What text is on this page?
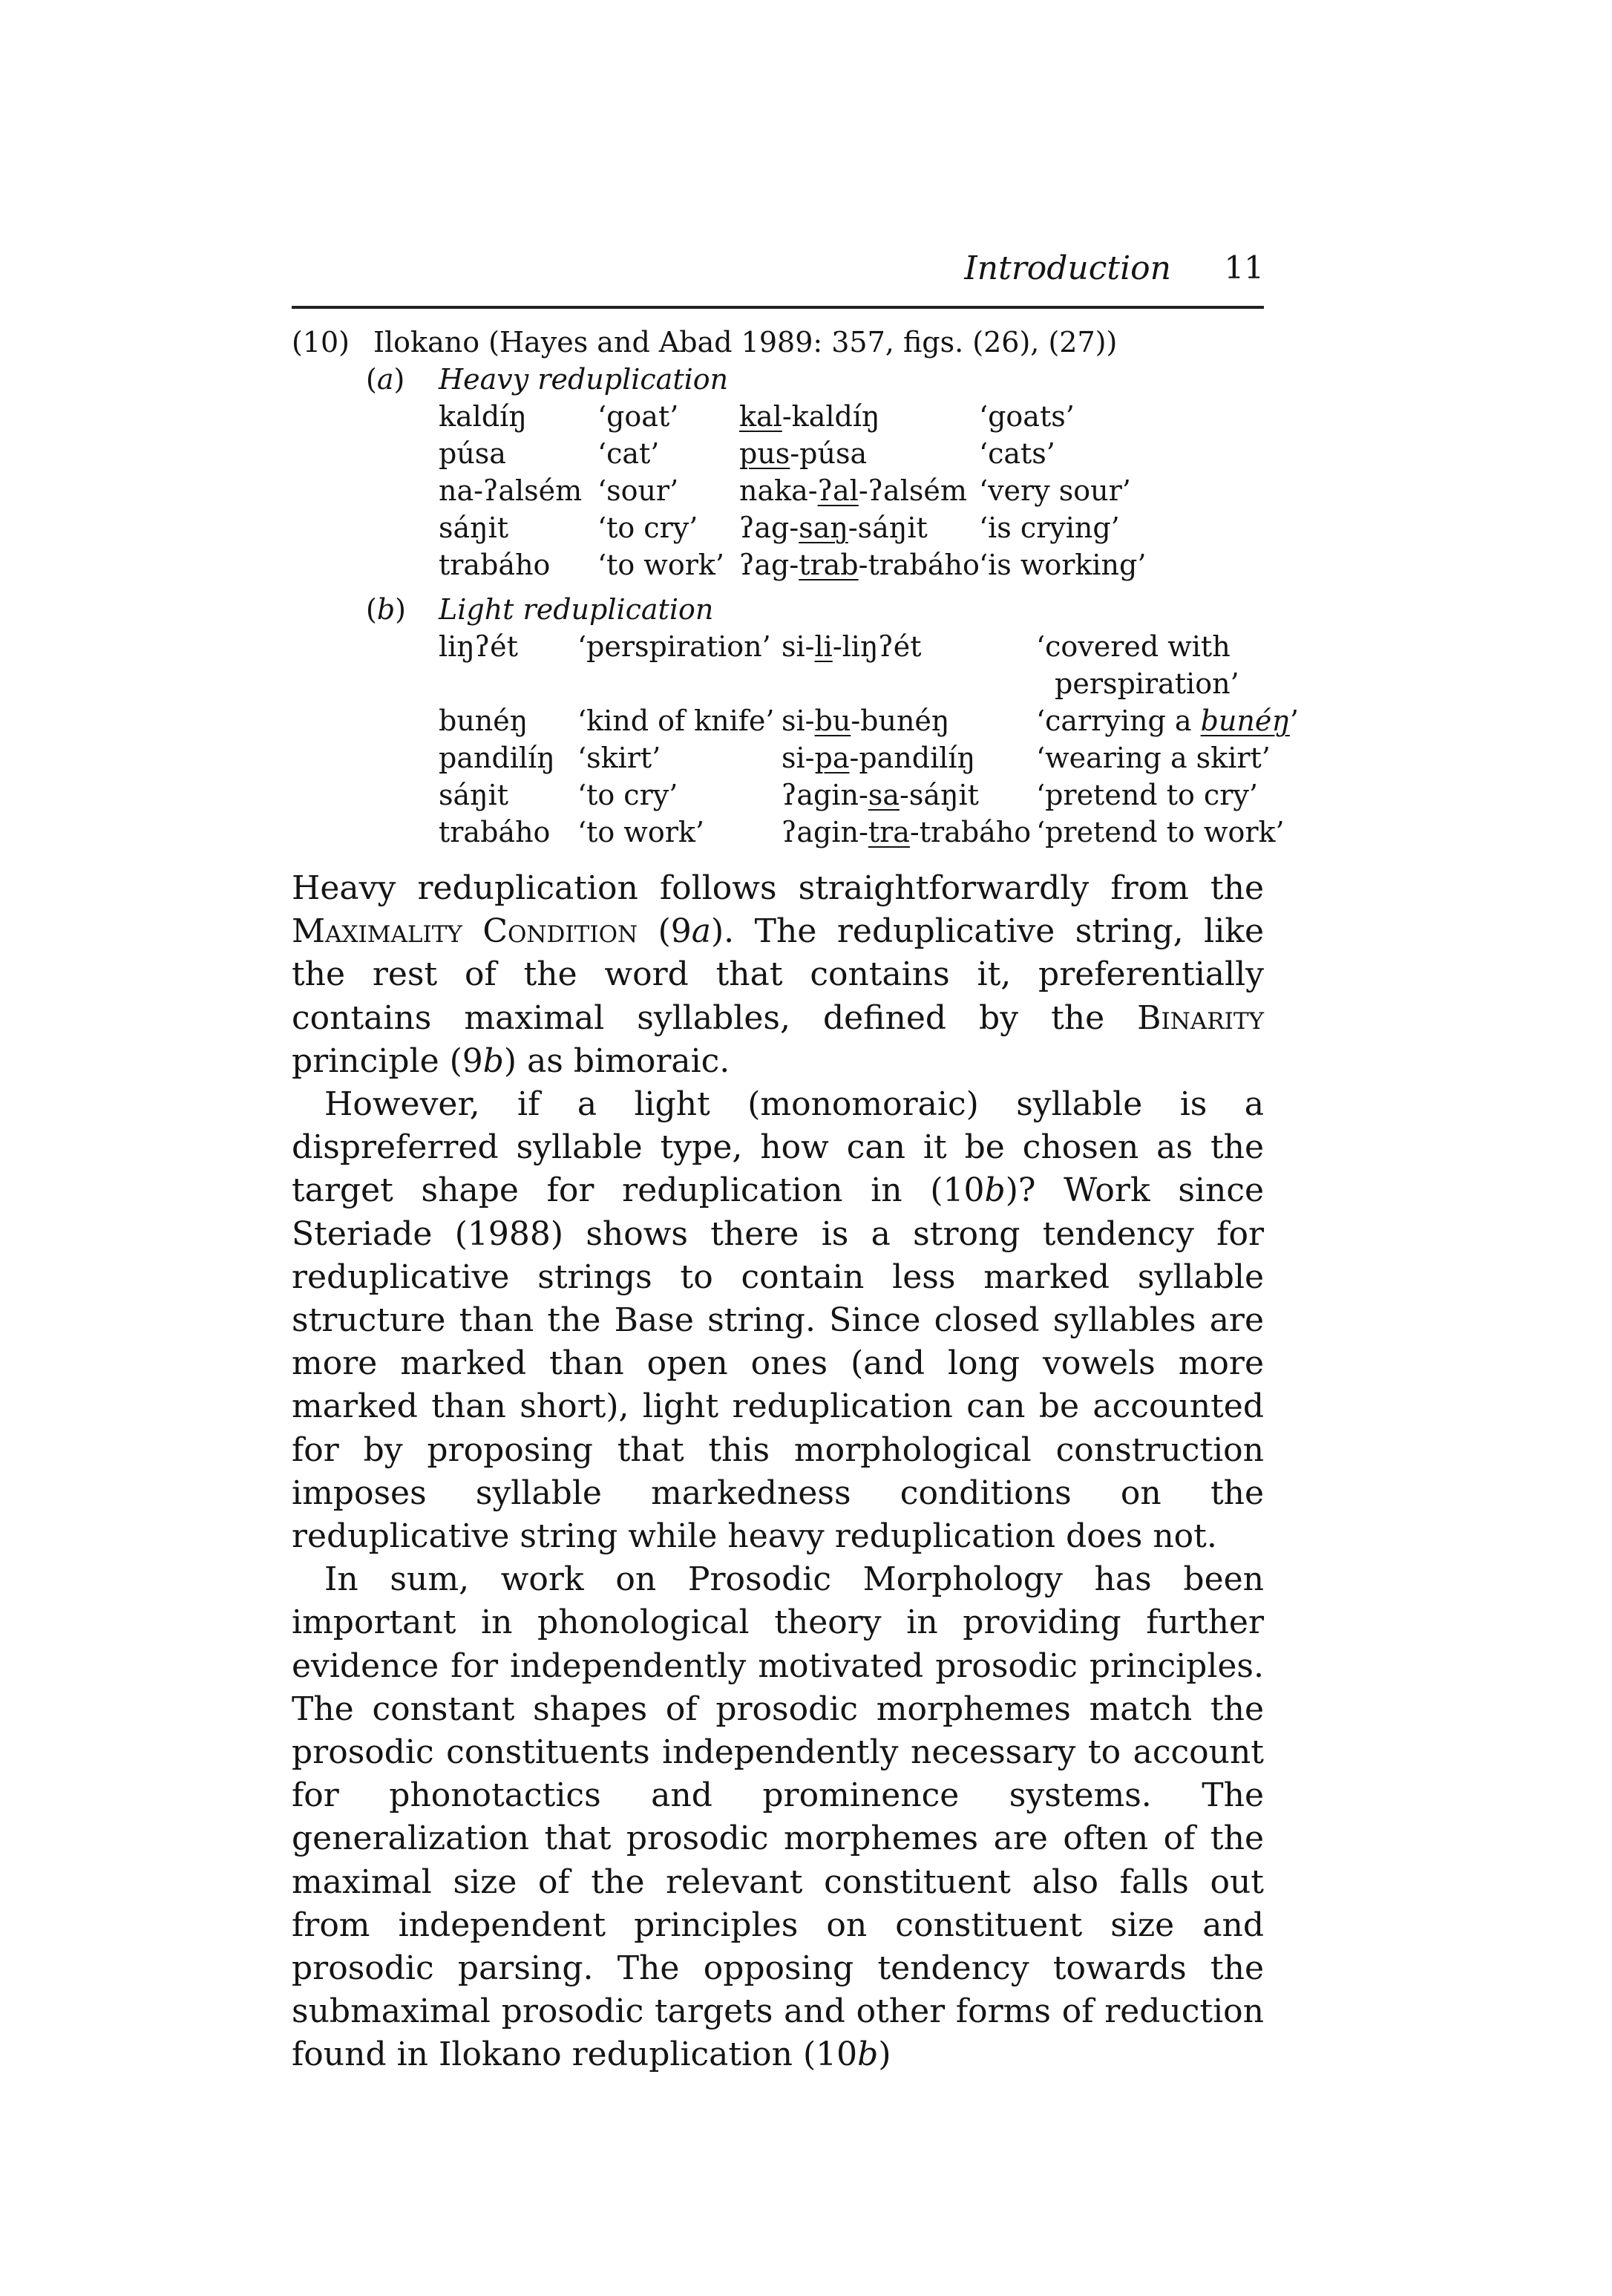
Introduction 11
(10) Ilokano (Hayes and Abad 1989: 357, figs. (26), (27))
(a) Heavy reduplication
kaldíŋ	‘goat’ kal-kaldíŋ	‘goats’
púsa	‘cat’	pus-púsa	‘cats’
na-ʔalsém ‘sour’ naka-ʔal-ʔalsém ‘very sour’
sáŋit	‘to cry’ ʔag-saŋ-sáŋit ‘is crying’
trabáho ‘to work’ ʔag-trab-trabáho ‘is working’
(b) Light reduplication
liŋʔét ‘perspiration’ si-li-liŋʔét	‘covered with
perspiration’
bunéŋ ‘kind of knife’ si-bu-bunéŋ	‘carrying a bunéŋ’
pandilíŋ ‘skirt’	si-pa-pandilíŋ ‘wearing a skirt’
sáŋit ‘to cry’	ʔagin-sa-sáŋit ‘pretend to cry’
trabáho ‘to work’	ʔagin-tra-trabáho ‘pretend to work’

Heavy reduplication follows straightforwardly from the Maximality Condition (9a). The reduplicative string, like the rest of the word that contains it, preferentially contains maximal syllables, defined by the Binarity principle (9b) as bimoraic.

However, if a light (monomoraic) syllable is a dispreferred syllable type, how can it be chosen as the target shape for reduplication in (10b)? Work since Steriade (1988) shows there is a strong tendency for reduplicative strings to contain less marked syllable structure than the Base string. Since closed syllables are more marked than open ones (and long vowels more marked than short), light reduplication can be accounted for by proposing that this morphological construction imposes syllable markedness conditions on the reduplicative string while heavy reduplication does not.

In sum, work on Prosodic Morphology has been important in phonological theory in providing further evidence for independently motivated prosodic principles. The constant shapes of prosodic morphemes match the prosodic constituents independently necessary to account for phonotactics and prominence systems. The generalization that prosodic morphemes are often of the maximal size of the relevant constituent also falls out from independent principles on constituent size and prosodic parsing. The opposing tendency towards the submaximal prosodic targets and other forms of reduction found in Ilokano reduplication (10b)
